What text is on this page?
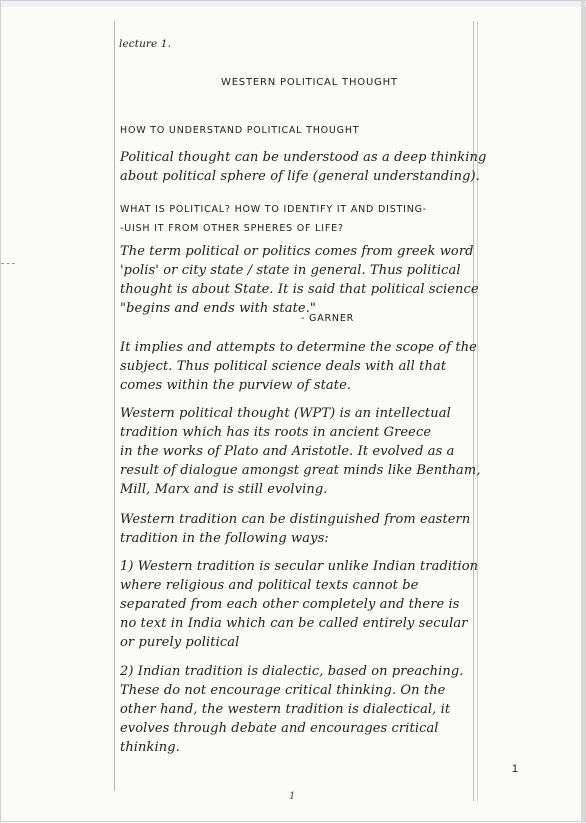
lecture 1.
WESTERN POLITICAL THOUGHT
HOW TO UNDERSTAND POLITICAL THOUGHT
Political thought can be understood as a deep thinking
about political sphere of life (general understanding).
WHAT IS POLITICAL? HOW TO IDENTIFY IT AND DISTING-
-UISH IT FROM OTHER SPHERES OF LIFE?
The term political or politics comes from greek word
'polis' or city state / state in general. Thus political
thought is about State. It is said that political science
"begins and ends with state."
- GARNER
It implies and attempts to determine the scope of the
subject. Thus political science deals with all that
comes within the purview of state.
Western political thought (WPT) is an intellectual
tradition which has its roots in ancient Greece
in the works of Plato and Aristotle. It evolved as a
result of dialogue amongst great minds like Bentham,
Mill, Marx and is still evolving.
Western tradition can be distinguished from eastern
tradition in the following ways:
1) Western tradition is secular unlike Indian tradition
where religious and political texts cannot be
separated from each other completely and there is
no text in India which can be called entirely secular
or purely political
2) Indian tradition is dialectic, based on preaching.
These do not encourage critical thinking. On the
other hand, the western tradition is dialectical, it
evolves through debate and encourages critical
thinking.
1
1
